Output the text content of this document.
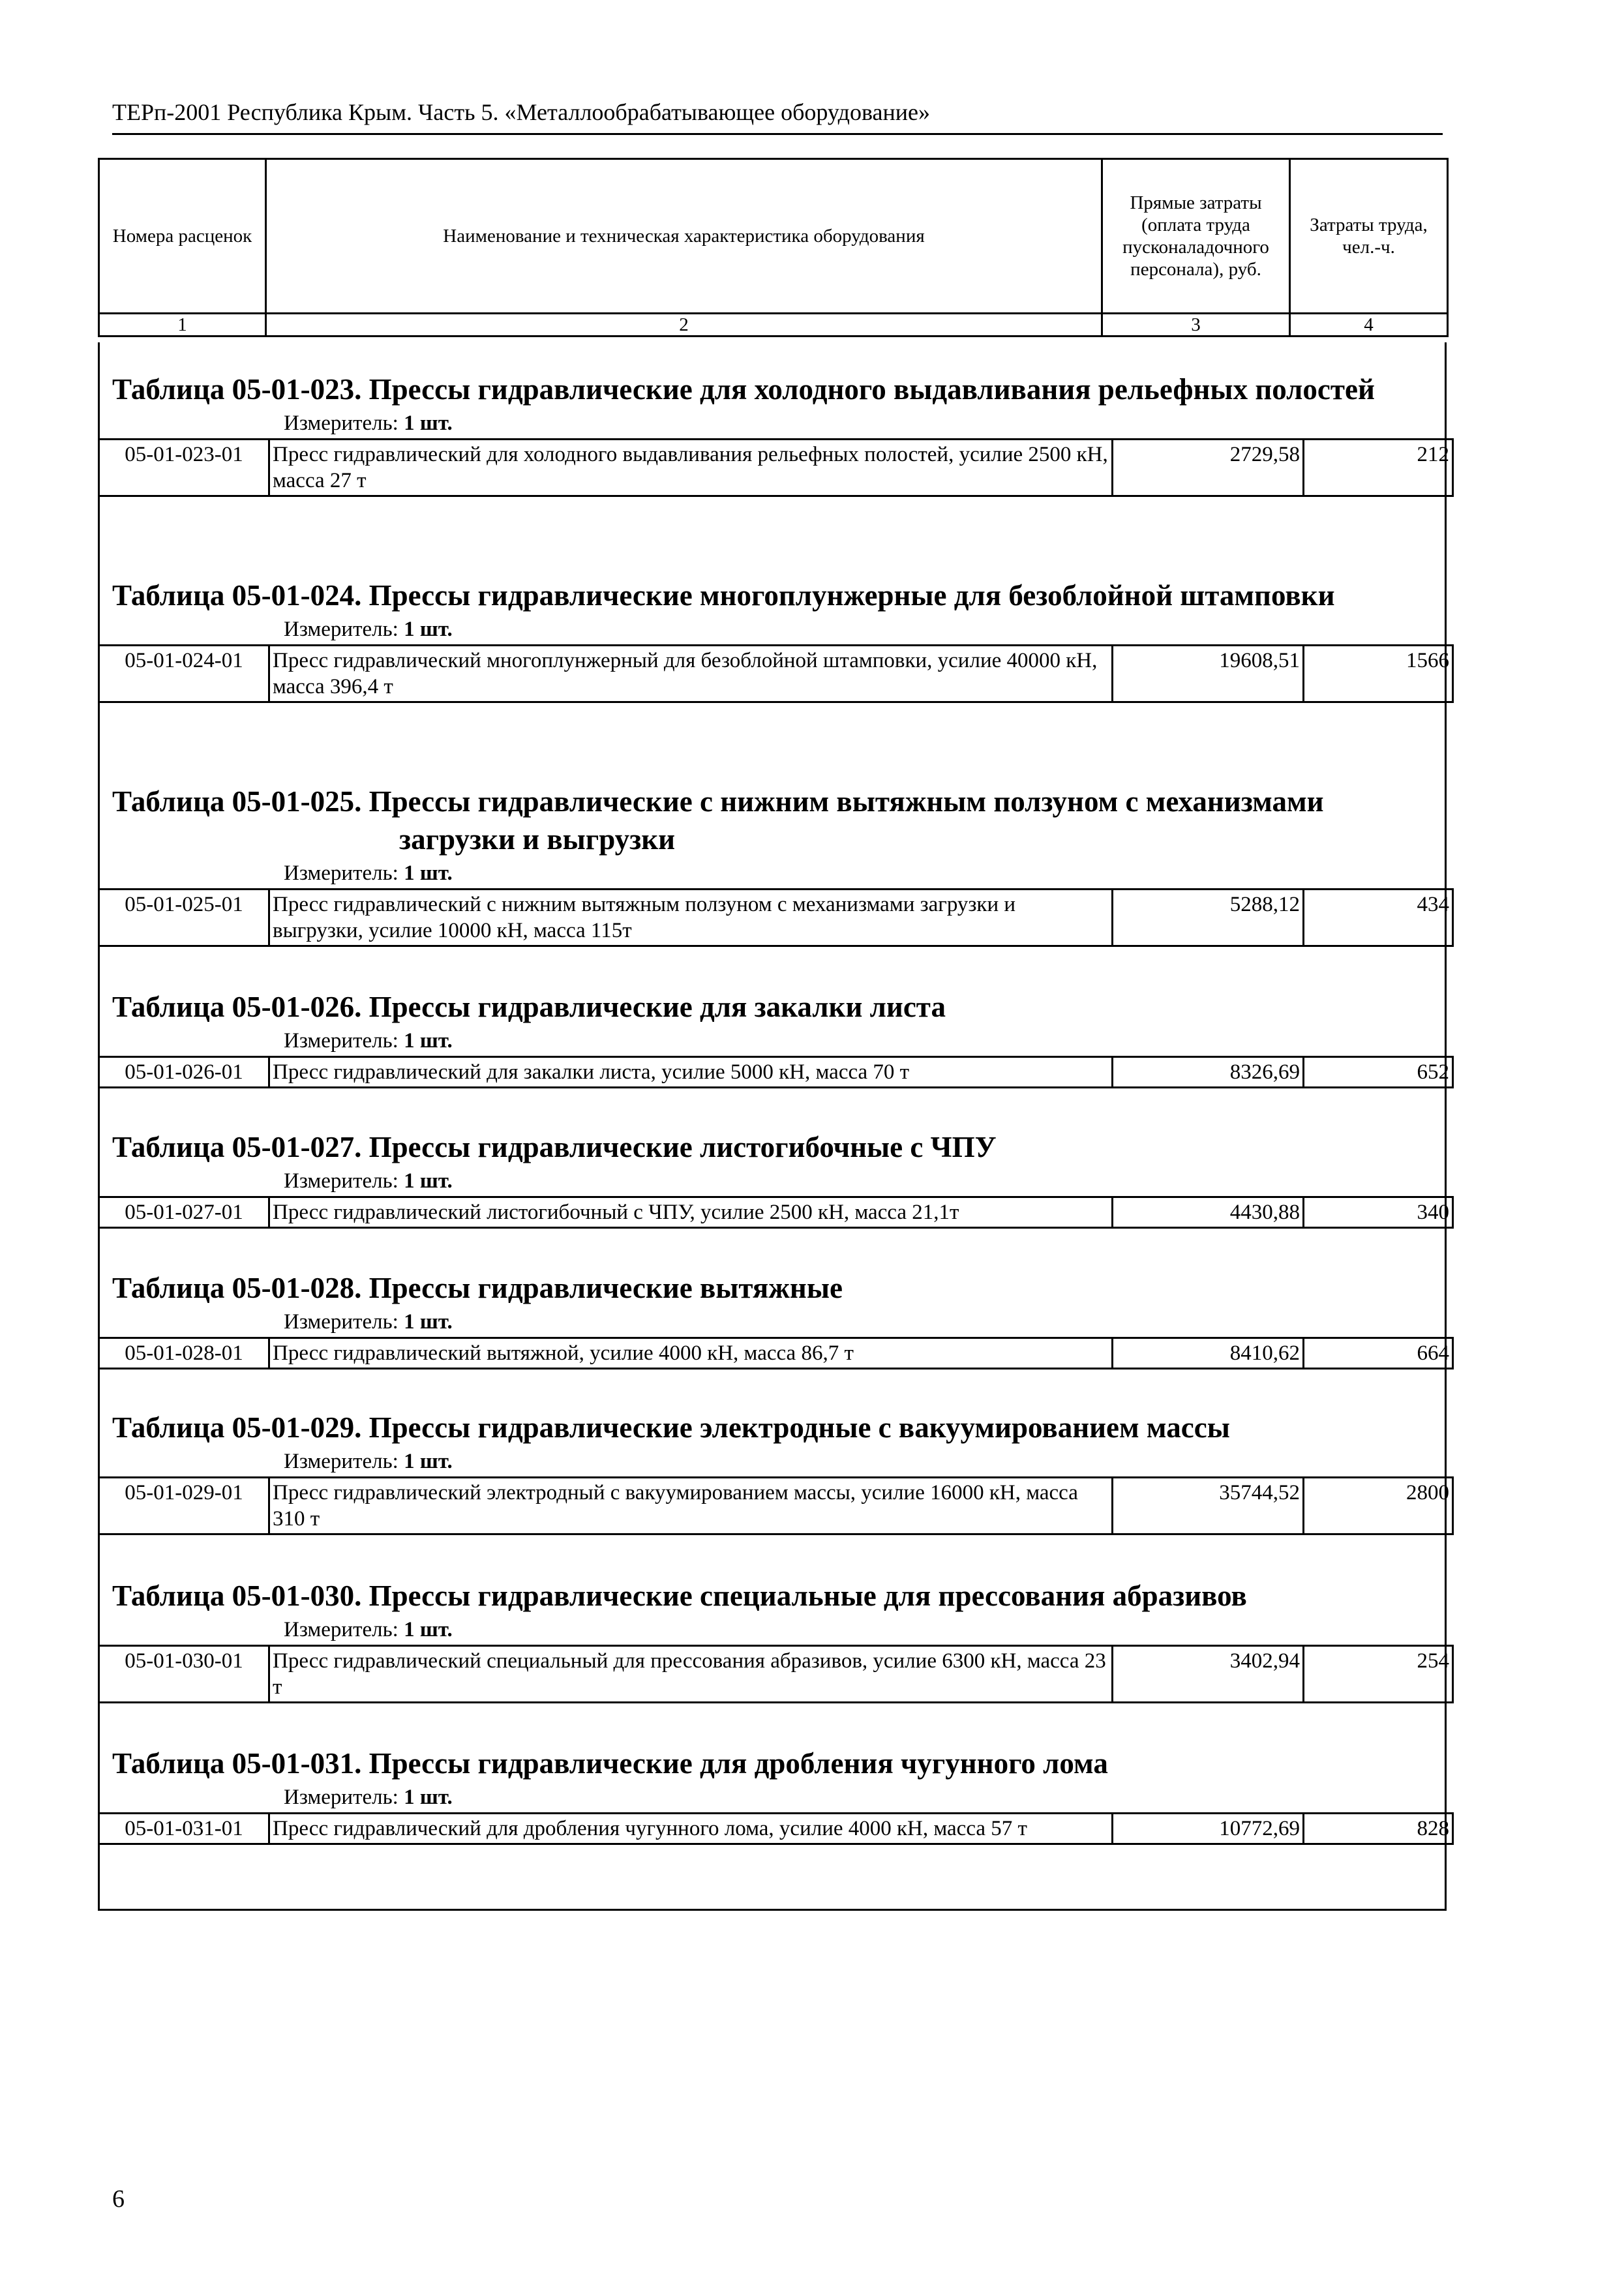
ТЕРп-2001 Республика Крым. Часть 5. «Металлообрабатывающее оборудование»
Номера расценок	Наименование и техническая характеристика оборудования	Прямые затраты (оплата труда пусконаладочного персонала), руб.	Затраты труда, чел.-ч.
1	2	3	4
Таблица 05-01-023. Прессы гидравлические для холодного выдавливания рельефных полостей
Измеритель: 1 шт.
05-01-023-01	Пресс гидравлический для холодного выдавливания рельефных полостей, усилие 2500 кН, масса 27 т	2729,58	212
Таблица 05-01-024. Прессы гидравлические многоплунжерные для безоблойной штамповки
Измеритель: 1 шт.
05-01-024-01	Пресс гидравлический многоплунжерный для безоблойной штамповки, усилие 40000 кН, масса 396,4 т	19608,51	1566
Таблица 05-01-025. Прессы гидравлические с нижним вытяжным ползуном с механизмами загрузки и выгрузки
Измеритель: 1 шт.
05-01-025-01	Пресс гидравлический с нижним вытяжным ползуном с механизмами загрузки и выгрузки, усилие 10000 кН, масса 115т	5288,12	434
Таблица 05-01-026. Прессы гидравлические для закалки листа
Измеритель: 1 шт.
05-01-026-01	Пресс гидравлический для закалки листа, усилие 5000 кН, масса 70 т	8326,69	652
Таблица 05-01-027. Прессы гидравлические листогибочные с ЧПУ
Измеритель: 1 шт.
05-01-027-01	Пресс гидравлический листогибочный с ЧПУ, усилие 2500 кН, масса 21,1т	4430,88	340
Таблица 05-01-028. Прессы гидравлические вытяжные
Измеритель: 1 шт.
05-01-028-01	Пресс гидравлический вытяжной, усилие 4000 кН, масса 86,7 т	8410,62	664
Таблица 05-01-029. Прессы гидравлические электродные с вакуумированием массы
Измеритель: 1 шт.
05-01-029-01	Пресс гидравлический электродный с вакуумированием массы, усилие 16000 кН, масса 310 т	35744,52	2800
Таблица 05-01-030. Прессы гидравлические специальные для прессования абразивов
Измеритель: 1 шт.
05-01-030-01	Пресс гидравлический специальный для прессования абразивов, усилие 6300 кН, масса 23 т	3402,94	254
Таблица 05-01-031. Прессы гидравлические для дробления чугунного лома
Измеритель: 1 шт.
05-01-031-01	Пресс гидравлический для дробления чугунного лома, усилие 4000 кН, масса 57 т	10772,69	828
6
